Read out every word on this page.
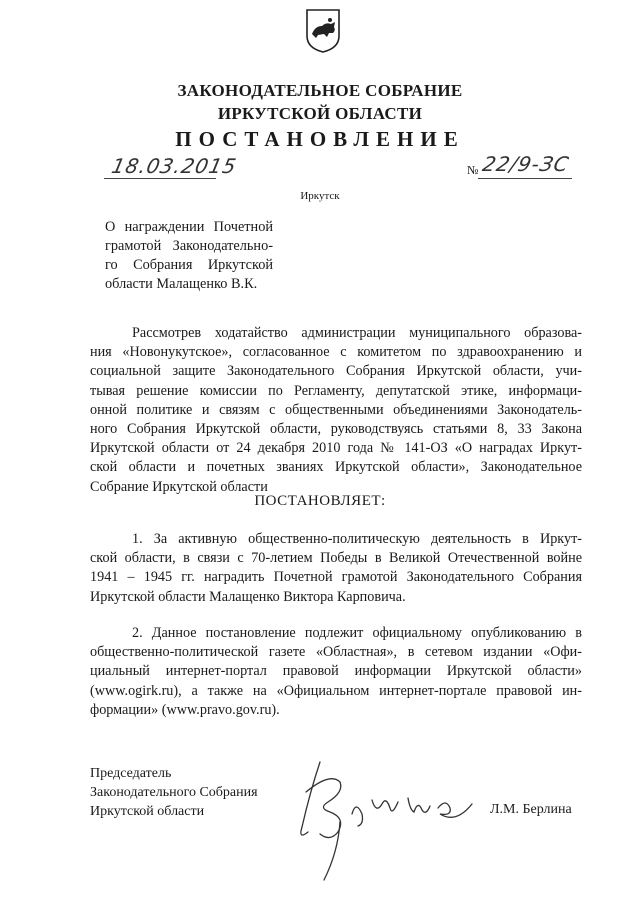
ЗАКОНОДАТЕЛЬНОЕ СОБРАНИЕ
ИРКУТСКОЙ ОБЛАСТИ
ПОСТАНОВЛЕНИЕ
18.03.2015	№ 22/9-ЗС
Иркутск
О награждении Почетной
грамотой Законодательно-
го Собрания Иркутской
области Малащенко В.К.
Рассмотрев ходатайство администрации муниципального образова-
ния «Новонукутское», согласованное с комитетом по здравоохранению и
социальной защите Законодательного Собрания Иркутской области, учи-
тывая решение комиссии по Регламенту, депутатской этике, информаци-
онной политике и связям с общественными объединениями Законодатель-
ного Собрания Иркутской области, руководствуясь статьями 8, 33 Закона
Иркутской области от 24 декабря 2010 года № 141-ОЗ «О наградах Иркут-
ской области и почетных званиях Иркутской области», Законодательное
Собрание Иркутской области
ПОСТАНОВЛЯЕТ:
1. За активную общественно-политическую деятельность в Иркут-
ской области, в связи с 70-летием Победы в Великой Отечественной войне
1941 – 1945 гг. наградить Почетной грамотой Законодательного Собрания
Иркутской области Малащенко Виктора Карповича.
2. Данное постановление подлежит официальному опубликованию в
общественно-политической газете «Областная», в сетевом издании «Офи-
циальный интернет-портал правовой информации Иркутской области»
(www.ogirk.ru), а также на «Официальном интернет-портале правовой ин-
формации» (www.pravo.gov.ru).
Председатель
Законодательного Собрания
Иркутской области	Л.М. Берлина
